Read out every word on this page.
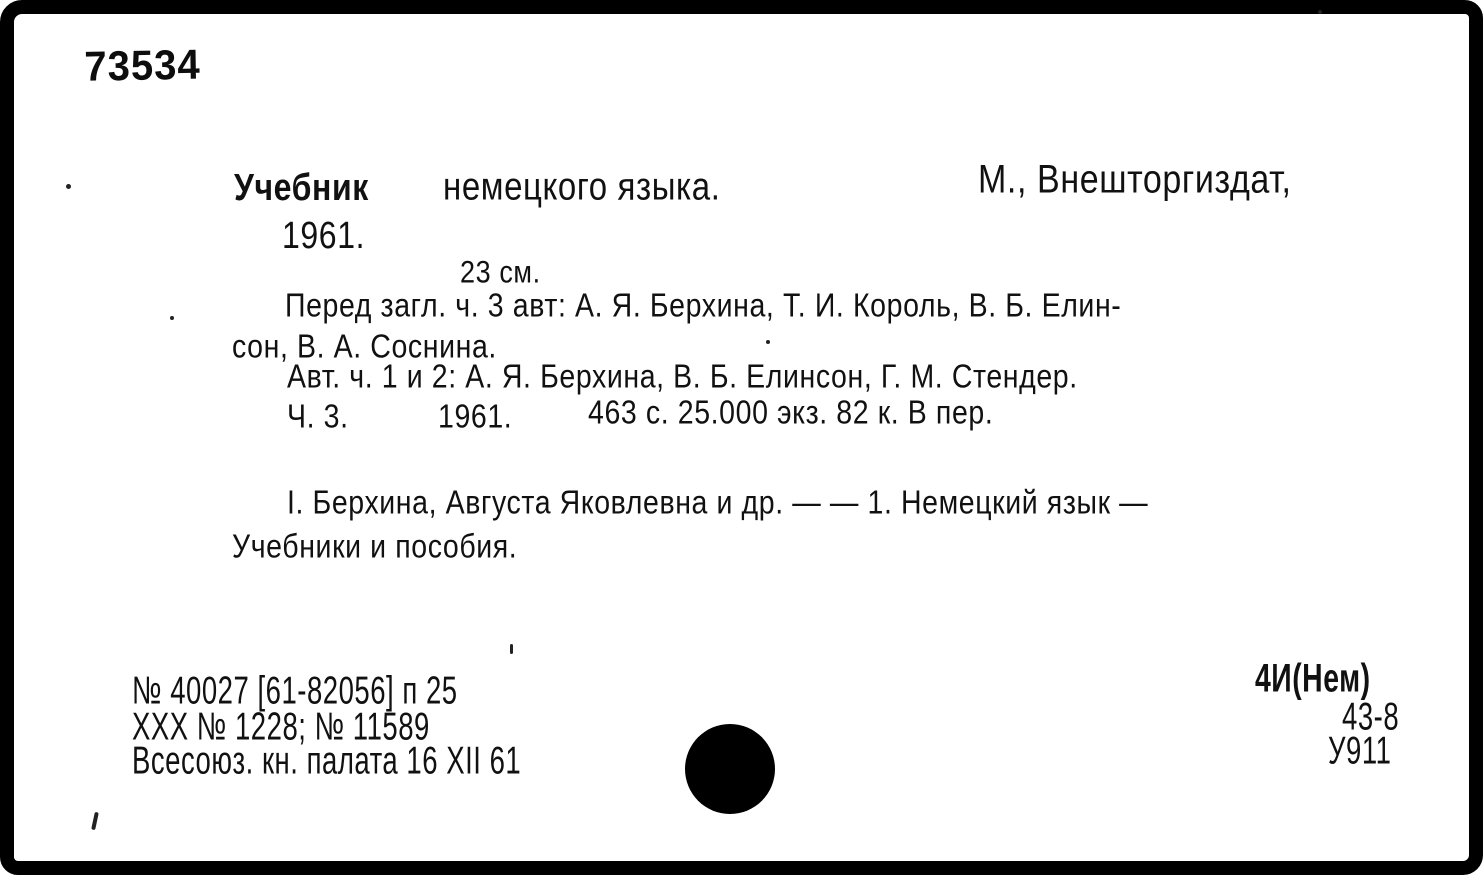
73534
Учебник немецкого языка.	М., Внешторгиздат,
1961.
23 см.
Перед загл. ч. 3 авт: А. Я. Берхина, Т. И. Король, В. Б. Елин-
сон, В. А. Соснина.
Авт. ч. 1 и 2: А. Я. Берхина, В. Б. Елинсон, Г. М. Стендер.
Ч. 3.	1961.	463 с. 25.000 экз. 82 к. В пер.
I. Берхина, Августа Яковлевна и др. — — 1. Немецкий язык —
Учебники и пособия.
№ 40027 [61-82056] п 25
XXX № 1228; № 11589
Всесоюз. кн. палата 16 XII 61
4И(Нем)
43-8
У911
